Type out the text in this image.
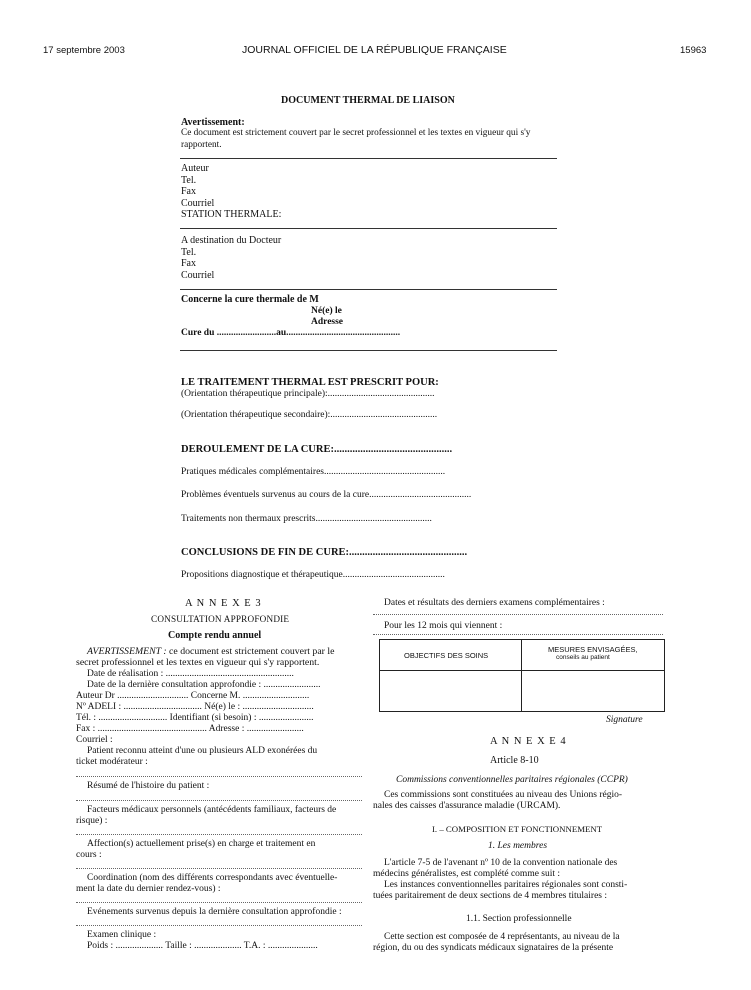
17 septembre 2003	JOURNAL OFFICIEL DE LA RÉPUBLIQUE FRANÇAISE	15963
DOCUMENT THERMAL DE LIAISON
Avertissement:
Ce document est strictement couvert par le secret professionnel et les textes en vigueur qui s'y
rapportent.
Auteur
Tel.
Fax
Courriel
STATION THERMALE:
A destination du Docteur
Tel.
Fax
Courriel
Concerne la cure thermale de M
Né(e) le
Adresse
Cure du .........................au................................................
LE TRAITEMENT THERMAL EST PRESCRIT POUR:
(Orientation thérapeutique principale):.............................................
(Orientation thérapeutique secondaire):.............................................
DEROULEMENT DE LA CURE:.............................................
Pratiques médicales complémentaires...................................................
Problèmes éventuels survenus au cours de la cure...........................................
Traitements non thermaux prescrits.................................................
CONCLUSIONS DE FIN DE CURE:.............................................
Propositions diagnostique et thérapeutique...........................................
A N N E X E 3
CONSULTATION APPROFONDIE
Compte rendu annuel
AVERTISSEMENT : ce document est strictement couvert par le
secret professionnel et les textes en vigueur qui s'y rapportent.
Date de réalisation : ......................................................
Date de la dernière consultation approfondie : ........................
Auteur Dr .............................. Concerne M. ............................
Nº ADELI : ................................. Né(e) le : ..............................
Tél. : ............................. Identifiant (si besoin) : .......................
Fax : .............................................. Adresse : ........................
Courriel :
Patient reconnu atteint d'une ou plusieurs ALD exonérées du
ticket modérateur :
Résumé de l'histoire du patient :
Facteurs médicaux personnels (antécédents familiaux, facteurs de
risque) :
Affection(s) actuellement prise(s) en charge et traitement en
cours :
Coordination (nom des différents correspondants avec éventuelle-
ment la date du dernier rendez-vous) :
Evénements survenus depuis la dernière consultation approfondie :
Examen clinique :
Poids : .................... Taille : .................... T.A. : .....................
Dates et résultats des derniers examens complémentaires :
Pour les 12 mois qui viennent :
OBJECTIFS DES SOINS
MESURES ENVISAGÉES,
conseils au patient
Signature
A N N E X E 4
Article 8-10
Commissions conventionnelles paritaires régionales (CCPR)
Ces commissions sont constituées au niveau des Unions régio-
nales des caisses d'assurance maladie (URCAM).
I. – COMPOSITION ET FONCTIONNEMENT
1. Les membres
L'article 7-5 de l'avenant nº 10 de la convention nationale des
médecins généralistes, est complété comme suit :
Les instances conventionnelles paritaires régionales sont consti-
tuées paritairement de deux sections de 4 membres titulaires :
1.1. Section professionnelle
Cette section est composée de 4 représentants, au niveau de la
région, du ou des syndicats médicaux signataires de la présente
